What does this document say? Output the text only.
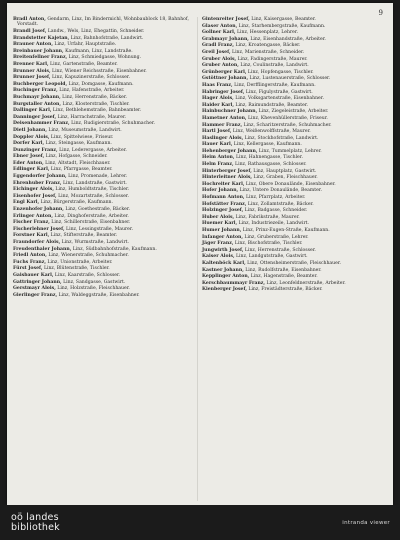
9
Bradl Anton, Gendarm, Linz, Im Bindermichl, Wohnbaublock 18, Bahnhof, Vorstadt.
Brandl Josef, Landw., Wels, Linz, Ehegattin, Schneider.
Brandstetter Kajetan, Linz, Bahnhofstraße, Landwirt.
Brauner Anton, Linz, Urfahr, Hauptstraße.
Breinbauer Johann, Kaufmann, Linz, Landstraße.
Breitenfellner Franz, Linz, Schmiedgasse, Wohnung.
Brenner Karl, Linz, Gartenstraße, Beamter.
Brunner Alois, Linz, Wiener Reichsstraße, Eisenbahner.
Brunner Josef, Linz, Kapuzinerstraße, Schlosser.
Buchberger Leopold, Linz, Domgasse, Kaufmann.
Buchinger Franz, Linz, Hafenstraße, Arbeiter.
Buchmayr Johann, Linz, Herrenstraße, Bäcker.
Burgstaller Anton, Linz, Klosterstraße, Tischler.
Dallinger Karl, Linz, Bethlehemstraße, Bahnbeamter.
Danninger Josef, Linz, Harrachstraße, Maurer.
Deisenhammer Franz, Linz, Rudigierstraße, Schuhmacher.
Dietl Johann, Linz, Museumstraße, Landwirt.
Doppler Alois, Linz, Spittelwiese, Friseur.
Dorfer Karl, Linz, Steingasse, Kaufmann.
Dunzinger Franz, Linz, Lederergasse, Arbeiter.
Ebner Josef, Linz, Hofgasse, Schneider.
Eder Anton, Linz, Altstadt, Fleischhauer.
Edlinger Karl, Linz, Pfarrgasse, Beamter.
Eggendorfer Johann, Linz, Promenade, Lehrer.
Ehrenhuber Franz, Linz, Landstraße, Gastwirt.
Eichinger Alois, Linz, Humboldtstraße, Tischler.
Eisenhofer Josef, Linz, Mozartstraße, Schlosser.
Engl Karl, Linz, Bürgerstraße, Kaufmann.
Enzenhofer Johann, Linz, Goethestraße, Bäcker.
Erlinger Anton, Linz, Dinghoferstraße, Arbeiter.
Fischer Franz, Linz, Schillerstraße, Eisenbahner.
Fischerlehner Josef, Linz, Lessingstraße, Maurer.
Forstner Karl, Linz, Stifterstraße, Beamter.
Fraundorfer Alois, Linz, Wurmstraße, Landwirt.
Freudenthaler Johann, Linz, Südbahnhofstraße, Kaufmann.
Friedl Anton, Linz, Wienerstraße, Schuhmacher.
Fuchs Franz, Linz, Unionstraße, Arbeiter.
Fürst Josef, Linz, Blütenstraße, Tischler.
Gaisbauer Karl, Linz, Kaarstraße, Schlosser.
Gattringer Johann, Linz, Sandgasse, Gastwirt.
Gerstmayr Alois, Linz, Holzstraße, Fleischhauer.
Gierlinger Franz, Linz, Waldeggstraße, Eisenbahner.
Gintenreiter Josef, Linz, Kaisergasse, Beamter.
Glaser Anton, Linz, Starhembergstraße, Kaufmann.
Gollner Karl, Linz, Hessenplatz, Lehrer.
Grabmayr Johann, Linz, Eisenhandstraße, Arbeiter.
Gradl Franz, Linz, Kroatengasse, Bäcker.
Greil Josef, Linz, Marienstraße, Schneider.
Gruber Alois, Linz, Fadingerstraße, Maurer.
Gruber Anton, Linz, Coulinstraße, Landwirt.
Grünberger Karl, Linz, Hopfengasse, Tischler.
Gstöttner Johann, Linz, Lustenauerstraße, Schlosser.
Haas Franz, Linz, Derfflingerstraße, Kaufmann.
Habringer Josef, Linz, Figulystraße, Gastwirt.
Hager Alois, Linz, Volksgartenstraße, Eisenbahner.
Haider Karl, Linz, Raimundstraße, Beamter.
Hainbuchner Johann, Linz, Ziegeleistraße, Arbeiter.
Hametner Anton, Linz, Khevenhüllerstraße, Friseur.
Hammer Franz, Linz, Scharitzerstraße, Schuhmacher.
Hartl Josef, Linz, Weißenwolffstraße, Maurer.
Haslinger Alois, Linz, Stockhofstraße, Landwirt.
Hauer Karl, Linz, Kellergasse, Kaufmann.
Hehenberger Johann, Linz, Tummelplatz, Lehrer.
Heim Anton, Linz, Hahnengasse, Tischler.
Helm Franz, Linz, Rathausgasse, Schlosser.
Hinterberger Josef, Linz, Hauptplatz, Gastwirt.
Hinterleitner Alois, Linz, Graben, Fleischhauer.
Hochreiter Karl, Linz, Obere Donaulände, Eisenbahner.
Hofer Johann, Linz, Untere Donaulände, Beamter.
Hofmann Anton, Linz, Pfarrplatz, Arbeiter.
Hofstätter Franz, Linz, Zollamtstraße, Bäcker.
Holzinger Josef, Linz, Badgasse, Schneider.
Huber Alois, Linz, Fabrikstraße, Maurer.
Huemer Karl, Linz, Industriezeile, Landwirt.
Humer Johann, Linz, Prinz-Eugen-Straße, Kaufmann.
Infanger Anton, Linz, Gruberstraße, Lehrer.
Jäger Franz, Linz, Bischofstraße, Tischler.
Jungwirth Josef, Linz, Herrenstraße, Schlosser.
Kaiser Alois, Linz, Landgutstraße, Gastwirt.
Kaltenböck Karl, Linz, Ottensheimerstraße, Fleischhauer.
Kastner Johann, Linz, Rudolfstraße, Eisenbahner.
Kepplinger Anton, Linz, Hagenstraße, Beamter.
Kerschbaummayr Franz, Linz, Leonfeldnerstraße, Arbeiter.
Kienberger Josef, Linz, Freistädterstraße, Bäcker.
oö landes
bibliothek	intranda viewer
